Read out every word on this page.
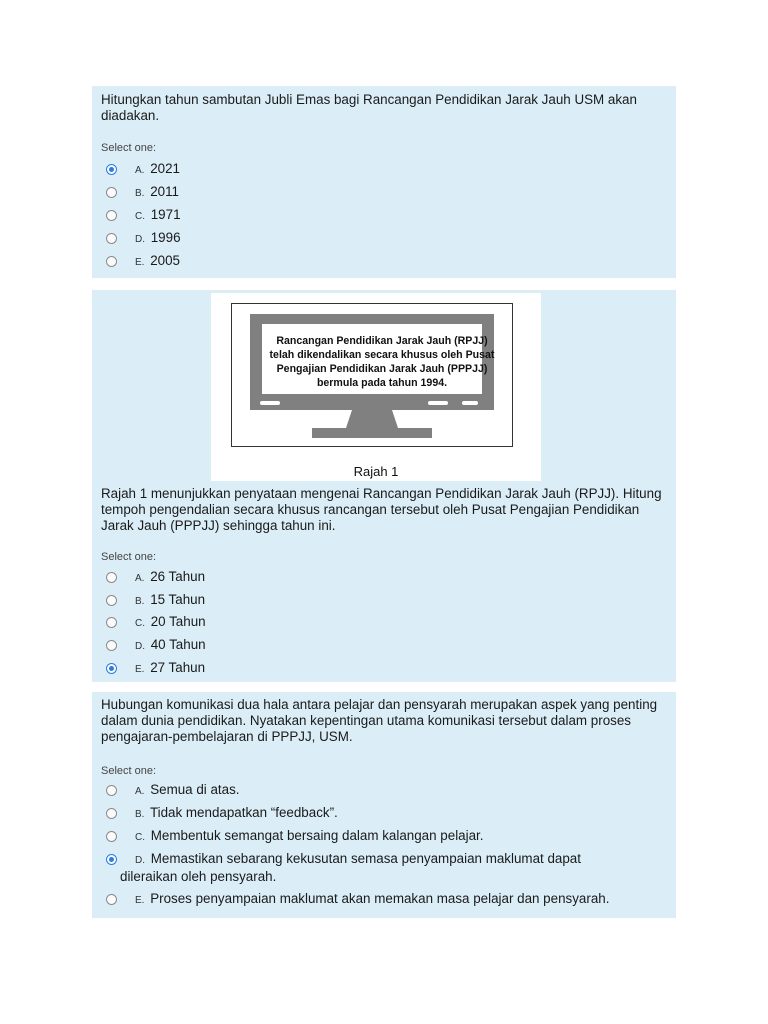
Hitungkan tahun sambutan Jubli Emas bagi Rancangan Pendidikan Jarak Jauh USM akan diadakan.
Select one:
A. 2021
B. 2011
C. 1971
D. 1996
E. 2005
Rancangan Pendidikan Jarak Jauh (RPJJ) telah dikendalikan secara khusus oleh Pusat Pengajian Pendidikan Jarak Jauh (PPPJJ) bermula pada tahun 1994.
Rajah 1
Rajah 1 menunjukkan penyataan mengenai Rancangan Pendidikan Jarak Jauh (RPJJ). Hitung tempoh pengendalian secara khusus rancangan tersebut oleh Pusat Pengajian Pendidikan Jarak Jauh (PPPJJ) sehingga tahun ini.
Select one:
A. 26 Tahun
B. 15 Tahun
C. 20 Tahun
D. 40 Tahun
E. 27 Tahun
Hubungan komunikasi dua hala antara pelajar dan pensyarah merupakan aspek yang penting dalam dunia pendidikan. Nyatakan kepentingan utama komunikasi tersebut dalam proses pengajaran-pembelajaran di PPPJJ, USM.
Select one:
A. Semua di atas.
B. Tidak mendapatkan “feedback”.
C. Membentuk semangat bersaing dalam kalangan pelajar.
D. Memastikan sebarang kekusutan semasa penyampaian maklumat dapat
dileraikan oleh pensyarah.
E. Proses penyampaian maklumat akan memakan masa pelajar dan pensyarah.
